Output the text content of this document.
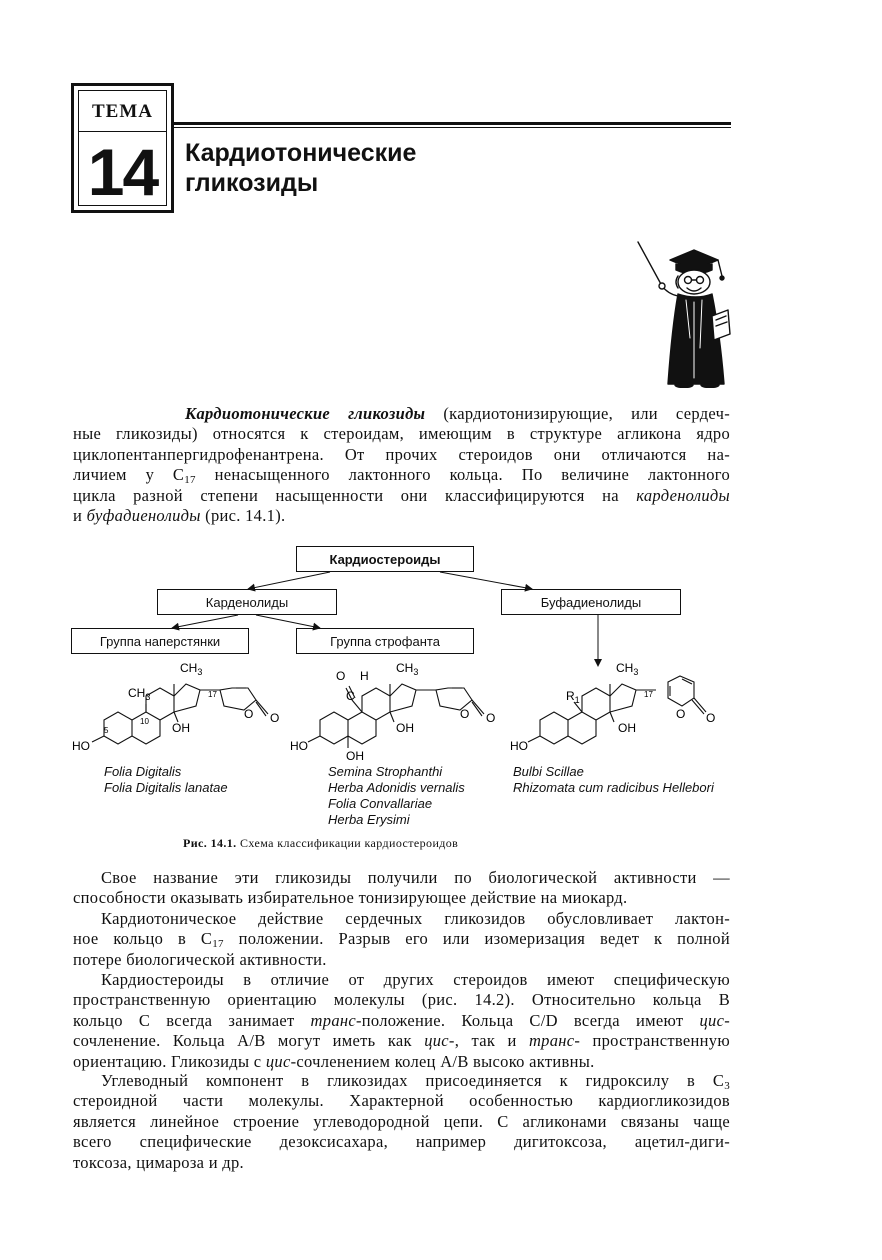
ТЕМА
14	Кардиотонические
гликозиды
Кардиотонические гликозиды (кардиотонизирующие, или сердеч-
ные гликозиды) относятся к стероидам, имеющим в структуре агликона ядро
циклопентанпергидрофенантрена. От прочих стероидов они отличаются на-
личием у $С_{17}$ ненасыщенного лактонного кольца. По величине лактонного
цикла разной степени насыщенности они классифицируются на карденолиды
и буфадиенолиды (рис. 14.1).
Кардиостероиды
Карденолиды	Буфадиенолиды
Группа наперстянки	Группа строфанта
$CH_3$
$CH_3$
10
17
5	OH
HO
O O
O H
C
$CH_3$
OH
OH
HO
O O
$CH_3$
$R_1$
17
OH
HO
O O
Folia Digitalis
Folia Digitalis lanatae
Semina Strophanthi
Herba Adonidis vernalis
Folia Convallariae
Herba Erysimi
Bulbi Scillae
Rhizomata cum radicibus Hellebori
Рис. 14.1. Схема классификации кардиостероидов
Свое название эти гликозиды получили по биологической активности —
способности оказывать избирательное тонизирующее действие на миокард.
Кардиотоническое действие сердечных гликозидов обусловливает лактон-
ное кольцо в $С_{17}$ положении. Разрыв его или изомеризация ведет к полной
потере биологической активности.
Кардиостероиды в отличие от других стероидов имеют специфическую
пространственную ориентацию молекулы (рис. 14.2). Относительно кольца В
кольцо С всегда занимает транс-положение. Кольца С/D всегда имеют цис-
сочленение. Кольца А/В могут иметь как цис-, так и транс- пространственную
ориентацию. Гликозиды с цис-сочленением колец А/В высоко активны.
Углеводный компонент в гликозидах присоединяется к гидроксилу в $С_3$
стероидной части молекулы. Характерной особенностью кардиогликозидов
является линейное строение углеводородной цепи. С агликонами связаны чаще
всего специфические дезоксисахара, например дигитоксоза, ацетил-диги-
токсоза, цимароза и др.
